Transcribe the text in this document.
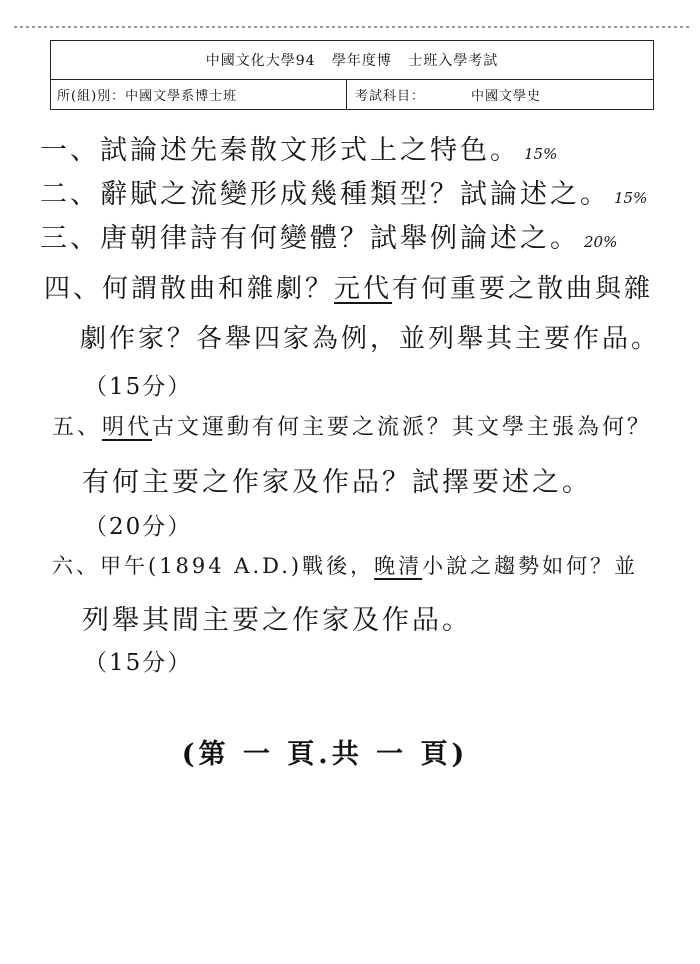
中國文化大學94   學年度博   士班入學考試
所(組)別： 中國文學系博士班	考試科目：	中國文學史
一、試論述先秦散文形式上之特色。 15%
二、辭賦之流變形成幾種類型？試論述之。 15%
三、唐朝律詩有何變體？試舉例論述之。 20%
四、何謂散曲和雜劇？元代有何重要之散曲與雜
劇作家？各舉四家為例，並列舉其主要作品。
（15分）
五、明代古文運動有何主要之流派？其文學主張為何？
有何主要之作家及作品？試擇要述之。
（20分）
六、甲午(1894 A.D.)戰後，晚清小說之趨勢如何？並
列舉其間主要之作家及作品。
（15分）
(第 一 頁.共 一 頁)
